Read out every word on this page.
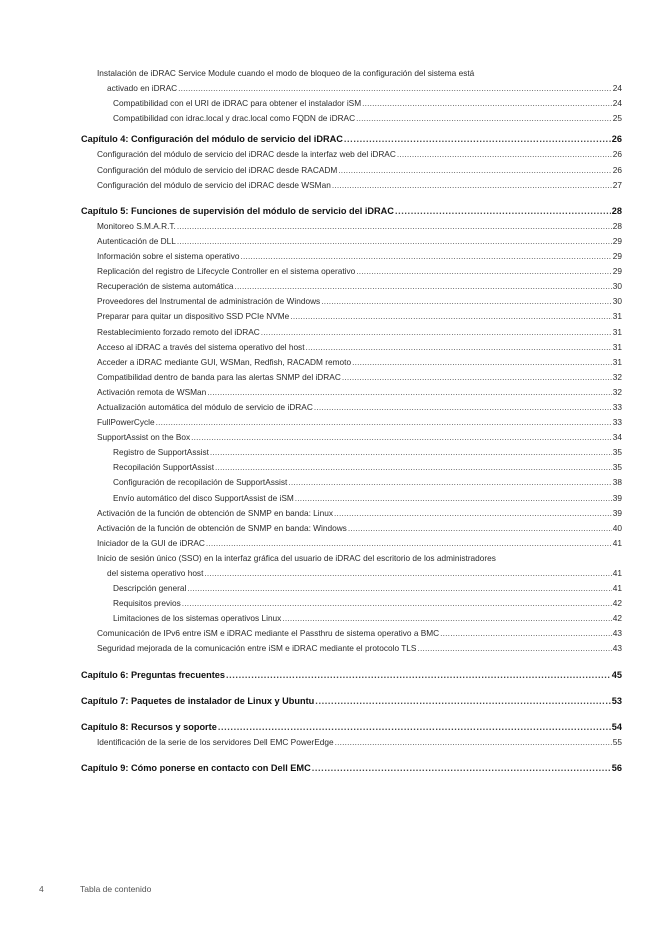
Instalación de iDRAC Service Module cuando el modo de bloqueo de la configuración del sistema está
activado en iDRAC .....	24
Compatibilidad con el URI de iDRAC para obtener el instalador iSM .....	24
Compatibilidad con idrac.local y drac.local como FQDN de iDRAC .....	25
Capítulo 4: Configuración del módulo de servicio del iDRAC .....	26
Configuración del módulo de servicio del iDRAC desde la interfaz web del iDRAC .....	26
Configuración del módulo de servicio del iDRAC desde RACADM .....	26
Configuración del módulo de servicio del iDRAC desde WSMan .....	27
Capítulo 5: Funciones de supervisión del módulo de servicio del iDRAC .....	28
Monitoreo S.M.A.R.T. .....	28
Autenticación de DLL .....	29
Información sobre el sistema operativo .....	29
Replicación del registro de Lifecycle Controller en el sistema operativo .....	29
Recuperación de sistema automática .....	30
Proveedores del Instrumental de administración de Windows .....	30
Preparar para quitar un dispositivo SSD PCIe NVMe .....	31
Restablecimiento forzado remoto del iDRAC .....	31
Acceso al iDRAC a través del sistema operativo del host .....	31
Acceder a iDRAC mediante GUI, WSMan, Redfish, RACADM remoto .....	31
Compatibilidad dentro de banda para las alertas SNMP del iDRAC .....	32
Activación remota de WSMan .....	32
Actualización automática del módulo de servicio de iDRAC .....	33
FullPowerCycle .....	33
SupportAssist on the Box .....	34
Registro de SupportAssist .....	35
Recopilación SupportAssist .....	35
Configuración de recopilación de SupportAssist .....	38
Envío automático del disco SupportAssist de iSM .....	39
Activación de la función de obtención de SNMP en banda: Linux .....	39
Activación de la función de obtención de SNMP en banda: Windows .....	40
Iniciador de la GUI de iDRAC .....	41
Inicio de sesión único (SSO) en la interfaz gráfica del usuario de iDRAC del escritorio de los administradores
del sistema operativo host .....	41
Descripción general .....	41
Requisitos previos .....	42
Limitaciones de los sistemas operativos Linux .....	42
Comunicación de IPv6 entre iSM e iDRAC mediante el Passthru de sistema operativo a BMC .....	43
Seguridad mejorada de la comunicación entre iSM e iDRAC mediante el protocolo TLS .....	43
Capítulo 6: Preguntas frecuentes .....	45
Capítulo 7: Paquetes de instalador de Linux y Ubuntu .....	53
Capítulo 8: Recursos y soporte .....	54
Identificación de la serie de los servidores Dell EMC PowerEdge .....	55
Capítulo 9: Cómo ponerse en contacto con Dell EMC .....	56
4	Tabla de contenido
